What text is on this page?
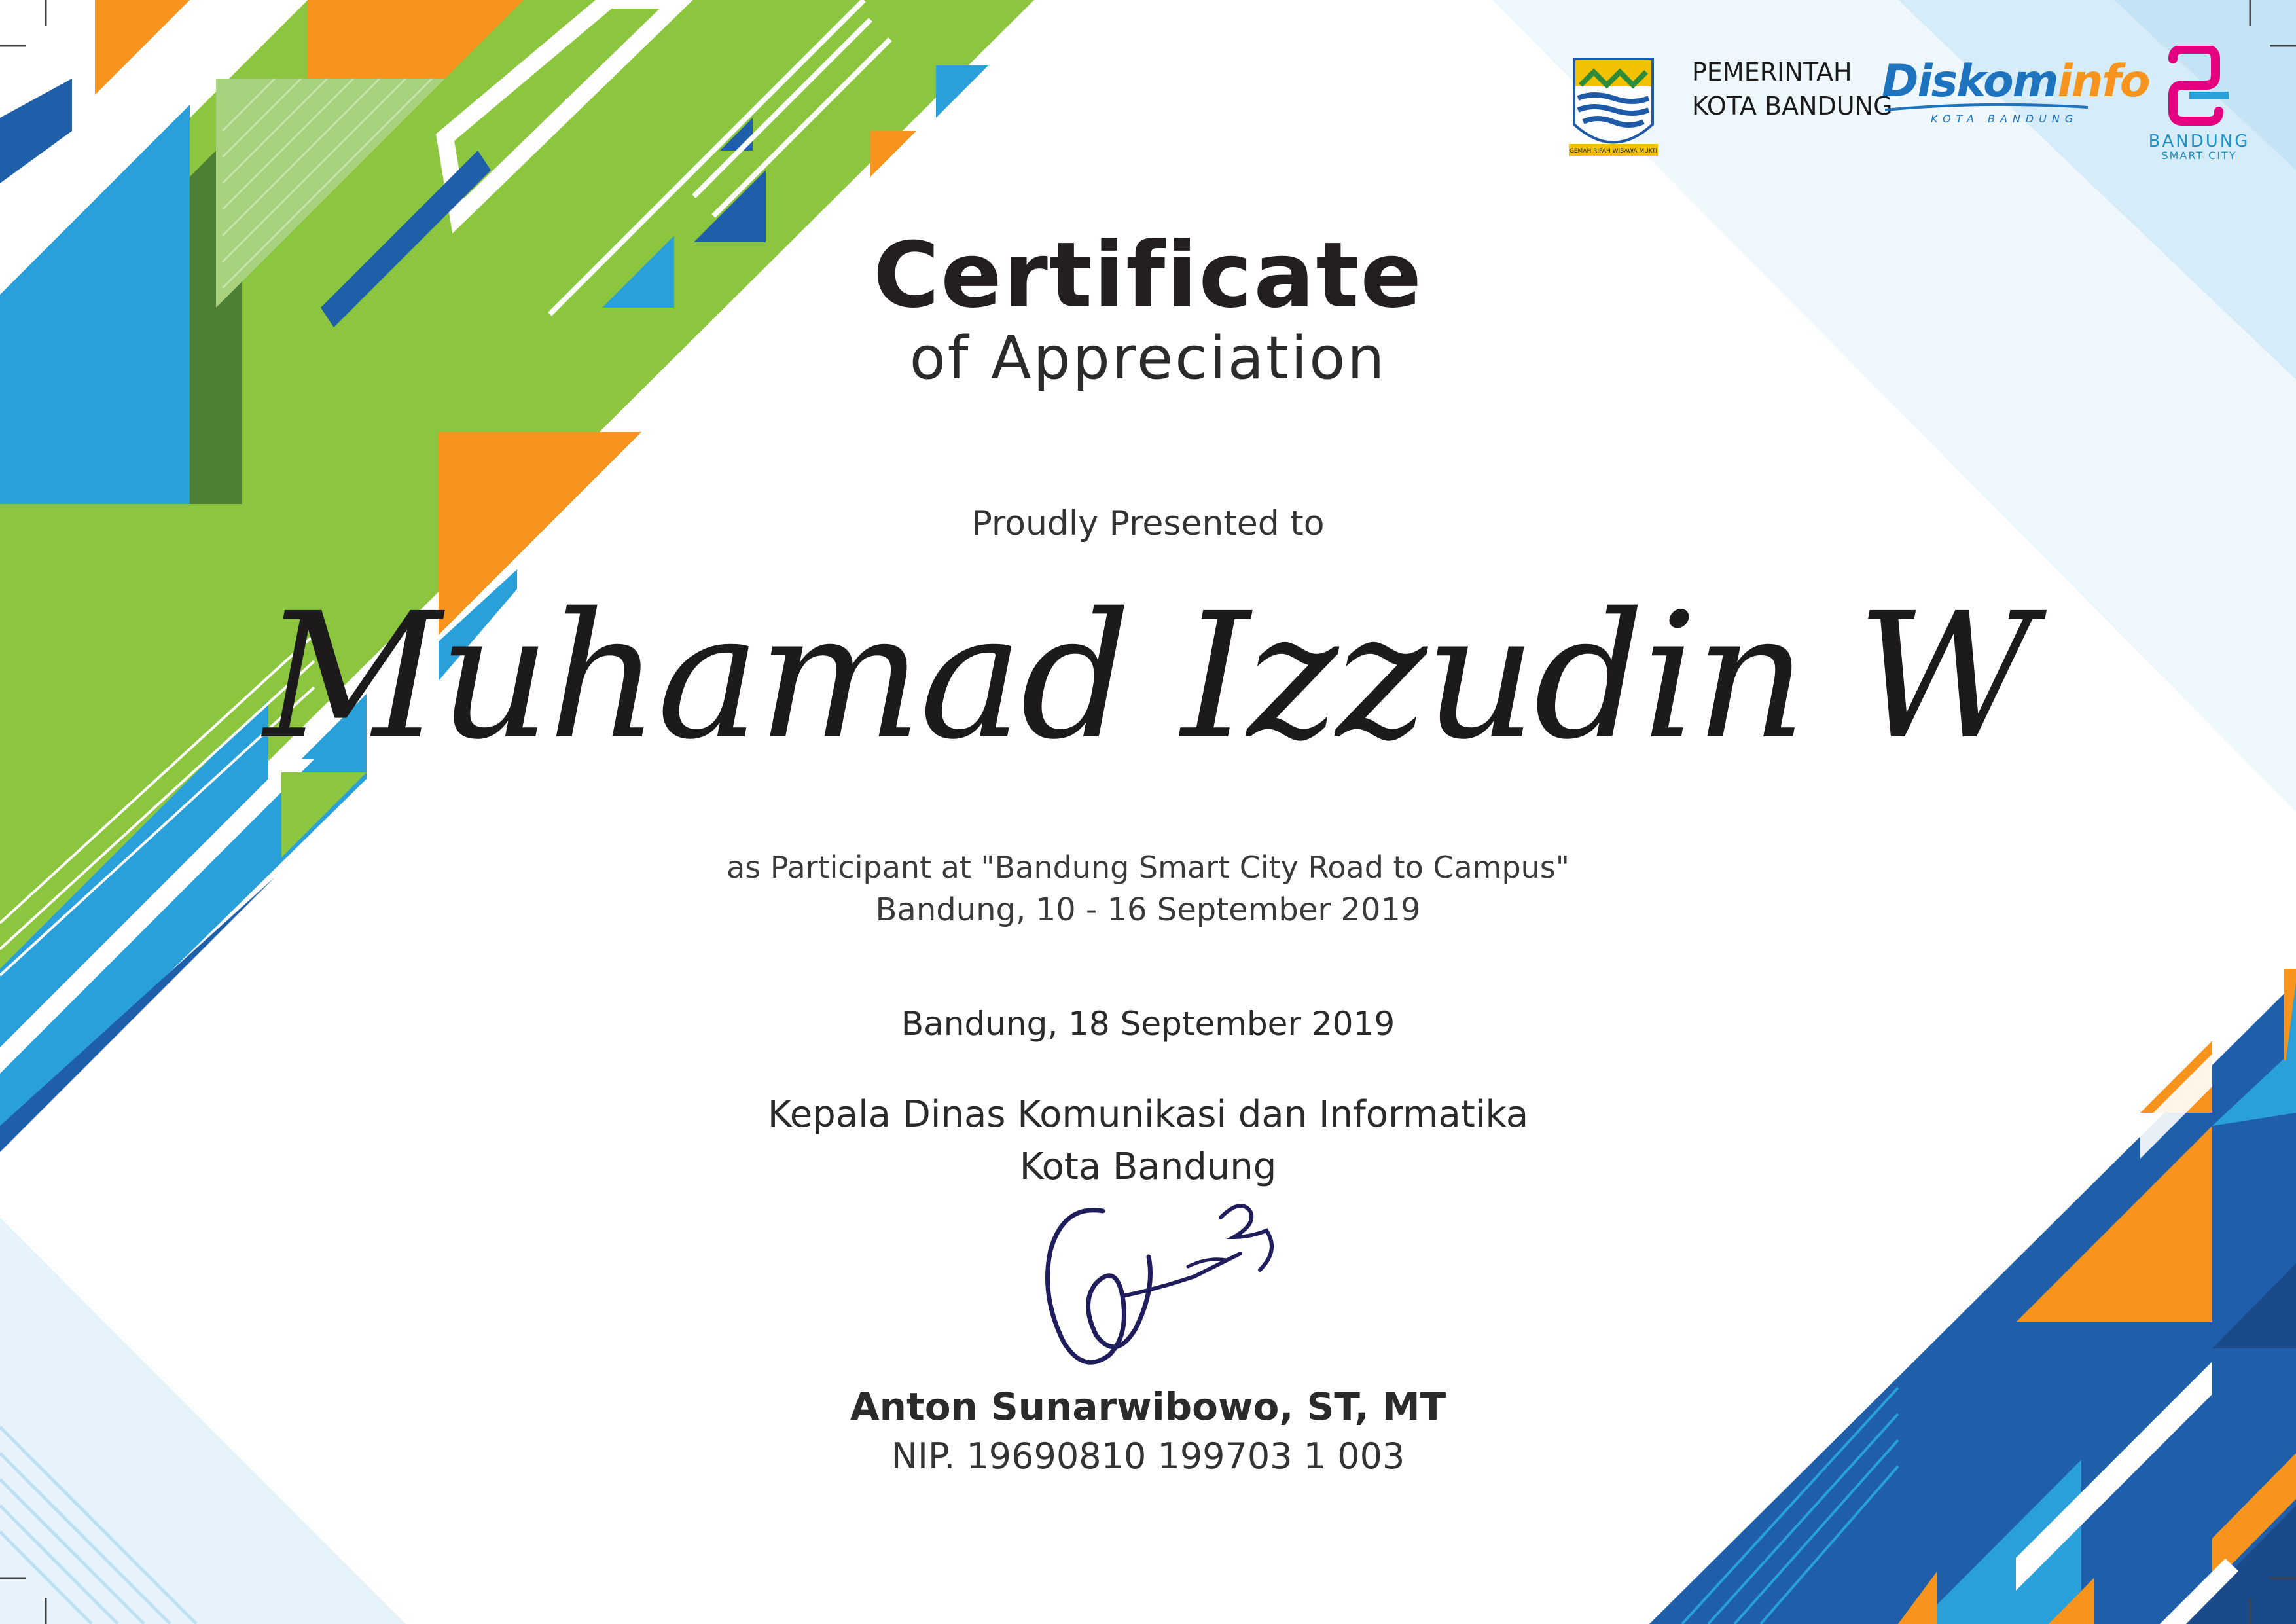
GEMAH RIPAH WIBAWA MUKTI
PEMERINTAH
KOTA BANDUNG
Diskominfo
KOTA BANDUNG
BANDUNG
SMART CITY
Certificate
of Appreciation
Proudly Presented to
Muhamad Izzudin W
as Participant at "Bandung Smart City Road to Campus"
Bandung, 10 - 16 September 2019
Bandung, 18 September 2019
Kepala Dinas Komunikasi dan Informatika
Kota Bandung
Anton Sunarwibowo, ST, MT
NIP. 19690810 199703 1 003
